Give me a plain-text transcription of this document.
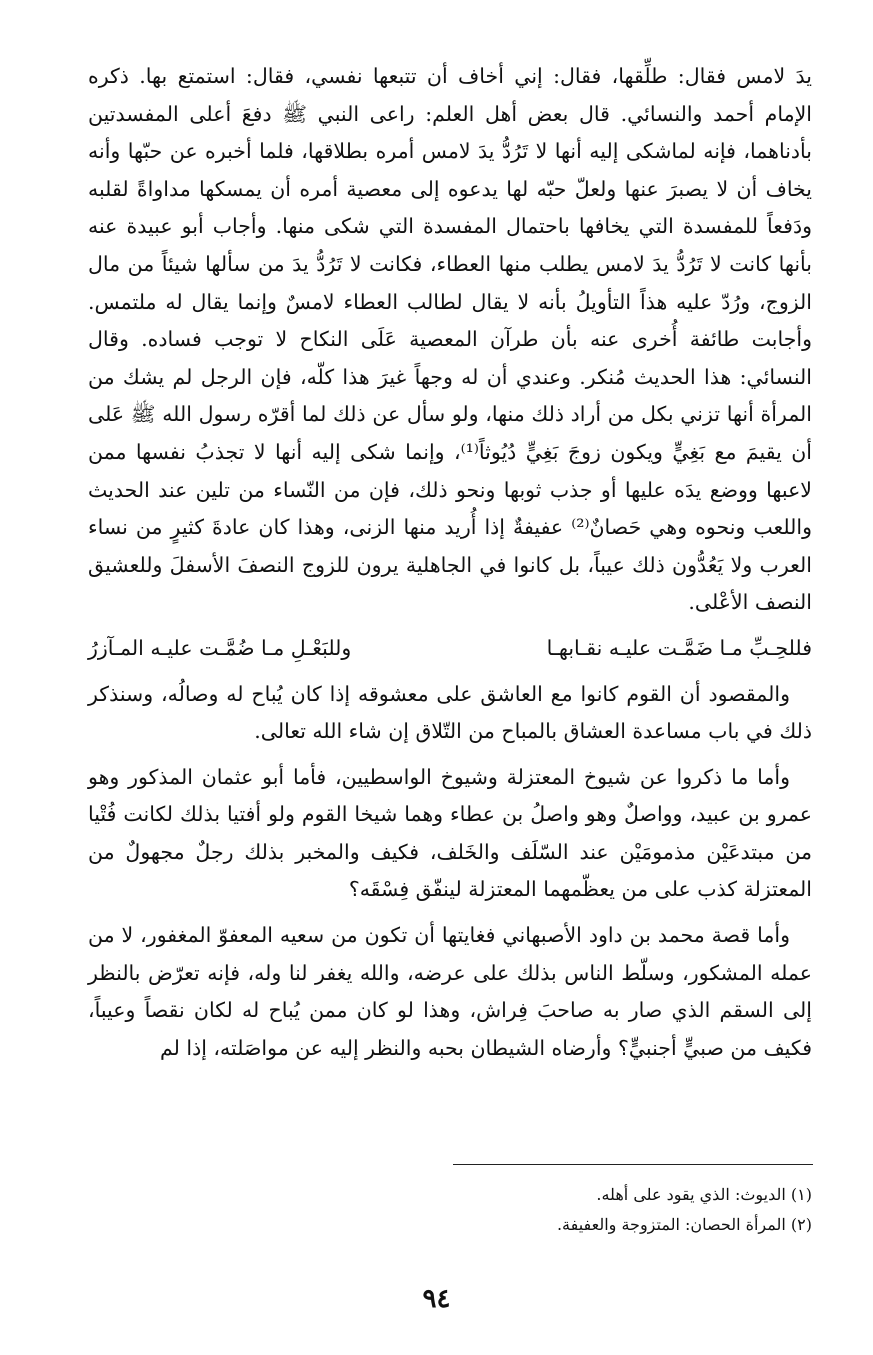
يدَ لامس فقال: طلِّقها، فقال: إني أخاف أن تتبعها نفسي، فقال: استمتع بها. ذكره الإمام أحمد والنسائي. قال بعض أهل العلم: راعى النبي ﷺ دفعَ أعلى المفسدتين بأدناهما، فإنه لماشكى إليه أنها لا تَرُدُّ يدَ لامس أمره بطلاقها، فلما أخبره عن حبّها وأنه يخاف أن لا يصبرَ عنها ولعلّ حبّه لها يدعوه إلى معصية أمره أن يمسكها مداواةً لقلبه ودَفعاً للمفسدة التي يخافها باحتمال المفسدة التي شكى منها. وأجاب أبو عبيدة عنه بأنها كانت لا تَرُدُّ يدَ لامس يطلب منها العطاء، فكانت لا تَرُدُّ يدَ من سألها شيئاً من مال الزوج، ورُدّ عليه هذاً التأويلُ بأنه لا يقال لطالب العطاء لامسٌ وإنما يقال له ملتمس. وأجابت طائفة أُخرى عنه بأن طرآن المعصية عَلَى النكاح لا توجب فساده. وقال النسائي: هذا الحديث مُنكر. وعندي أن له وجهاً غيرَ هذا كلّه، فإن الرجل لم يشك من المرأة أنها تزني بكل من أراد ذلك منها، ولو سأل عن ذلك لما أقرّه رسول الله ﷺ عَلى أن يقيمَ مع بَغِيٍّ ويكون زوجَ بَغِيٍّ دُيُوثاً⁽¹⁾، وإنما شكى إليه أنها لا تجذبُ نفسها ممن لاعبها ووضع يدَه عليها أو جذب ثوبها ونحو ذلك، فإن من النّساء من تلين عند الحديث واللعب ونحوه وهي حَصانٌ⁽²⁾ عفيفةٌ إذا أُريد منها الزنى، وهذا كان عادةَ كثيرٍ من نساء العرب ولا يَعُدُّون ذلك عيباً، بل كانوا في الجاهلية يرون للزوج النصفَ الأسفلَ وللعشيق النصف الأعْلى.

فللحِـبِّ مـا ضَمَّـت عليـه نقـابهـا
وللبَعْـلِ مـا ضُمَّـت عليـه المـآزرُ

والمقصود أن القوم كانوا مع العاشق على معشوقه إذا كان يُباح له وصالُه، وسنذكر ذلك في باب مساعدة العشاق بالمباح من التّلاق إن شاء الله تعالى.

وأما ما ذكروا عن شيوخ المعتزلة وشيوخ الواسطيين، فأما أبو عثمان المذكور وهو عمرو بن عبيد، وواصلٌ وهو واصلُ بن عطاء وهما شيخا القوم ولو أفتيا بذلك لكانت فُتْيا من مبتدعَيْن مذمومَيْن عند السّلَف والخَلف، فكيف والمخبر بذلك رجلٌ مجهولٌ من المعتزلة كذب على من يعظّمهما المعتزلة لينفّق فِسْقَه؟

وأما قصة محمد بن داود الأصبهاني فغايتها أن تكون من سعيه المعفوّ المغفور، لا من عمله المشكور، وسلّط الناس بذلك على عرضه، والله يغفر لنا وله، فإنه تعرّض بالنظر إلى السقم الذي صار به صاحبَ فِراش، وهذا لو كان ممن يُباح له لكان نقصاً وعيباً، فكيف من صبيٍّ أجنبيٍّ؟ وأرضاه الشيطان بحبه والنظر إليه عن مواصَلته، إذا لم

(١) الديوث: الذي يقود على أهله.

(٢) المرأة الحصان: المتزوجة والعفيفة.

٩٤
